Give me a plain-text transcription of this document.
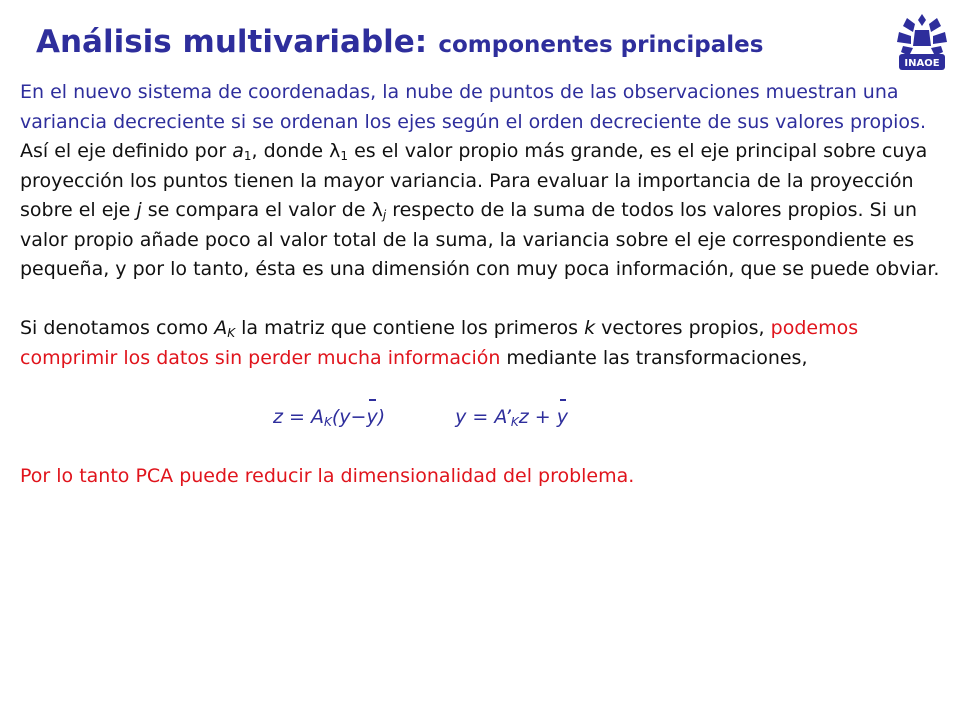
Análisis multivariable: componentes principales
INAOE

En el nuevo sistema de coordenadas, la nube de puntos de las observaciones muestran una variancia decreciente si se ordenan los ejes según el orden decreciente de sus valores propios. Así el eje definido por $a_1$, donde $\lambda_1$ es el valor propio más grande, es el eje principal sobre cuya proyección los puntos tienen la mayor variancia. Para evaluar la importancia de la proyección sobre el eje j se compara el valor de $\lambda_j$ respecto de la suma de todos los valores propios. Si un valor propio añade poco al valor total de la suma, la variancia sobre el eje correspondiente es pequeña, y por lo tanto, ésta es una dimensión con muy poca información, que se puede obviar.

Si denotamos como $A_K$ la matriz que contiene los primeros k vectores propios, podemos comprimir los datos sin perder mucha información mediante las transformaciones,

$z = A_K(y-y)$	$y = A’_Kz + y$

Por lo tanto PCA puede reducir la dimensionalidad del problema.
